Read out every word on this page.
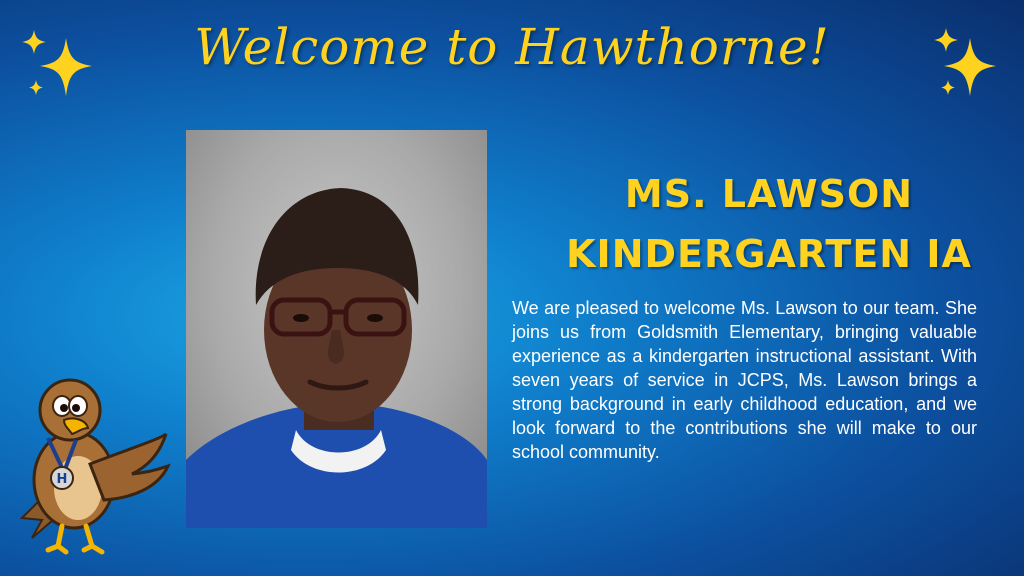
Welcome to Hawthorne!
MS. LAWSON
KINDERGARTEN IA
We are pleased to welcome Ms. Lawson to our team. She joins us from Goldsmith Elementary, bringing valuable experience as a kindergarten instructional assistant. With seven years of service in JCPS, Ms. Lawson brings a strong background in early childhood education, and we look forward to the contributions she will make to our school community.
H
